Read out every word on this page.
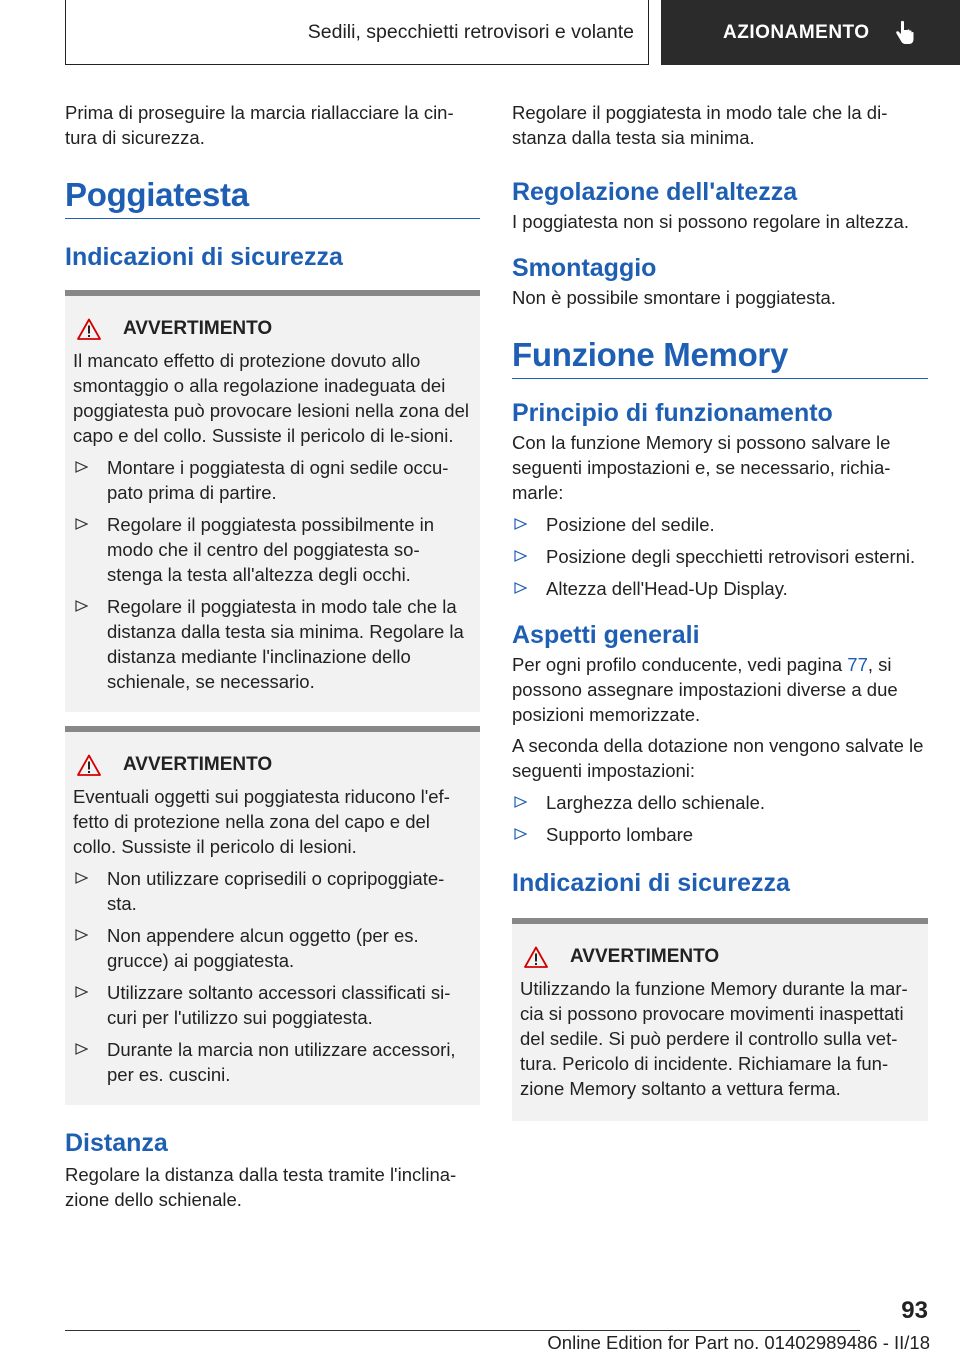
Sedili, specchietti retrovisori e volante	AZIONAMENTO
Prima di proseguire la marcia riallacciare la cin-tura di sicurezza.
Poggiatesta
Indicazioni di sicurezza
AVVERTIMENTO
Il mancato effetto di protezione dovuto allo smontaggio o alla regolazione inadeguata dei poggiatesta può provocare lesioni nella zona del capo e del collo. Sussiste il pericolo di le-sioni.
Montare i poggiatesta di ogni sedile occu-pato prima di partire.
Regolare il poggiatesta possibilmente in modo che il centro del poggiatesta so-stenga la testa all'altezza degli occhi.
Regolare il poggiatesta in modo tale che la distanza dalla testa sia minima. Regolare la distanza mediante l'inclinazione dello schienale, se necessario.
AVVERTIMENTO
Eventuali oggetti sui poggiatesta riducono l'ef-fetto di protezione nella zona del capo e del collo. Sussiste il pericolo di lesioni.
Non utilizzare coprisedili o copripoggiate-sta.
Non appendere alcun oggetto (per es. grucce) ai poggiatesta.
Utilizzare soltanto accessori classificati si-curi per l'utilizzo sui poggiatesta.
Durante la marcia non utilizzare accessori, per es. cuscini.
Distanza
Regolare la distanza dalla testa tramite l'inclina-zione dello schienale.
Regolare il poggiatesta in modo tale che la di-stanza dalla testa sia minima.
Regolazione dell'altezza
I poggiatesta non si possono regolare in altezza.
Smontaggio
Non è possibile smontare i poggiatesta.
Funzione Memory
Principio di funzionamento
Con la funzione Memory si possono salvare le seguenti impostazioni e, se necessario, richia-marle:
Posizione del sedile.
Posizione degli specchietti retrovisori esterni.
Altezza dell'Head-Up Display.
Aspetti generali
Per ogni profilo conducente, vedi pagina 77, si possono assegnare impostazioni diverse a due posizioni memorizzate.
A seconda della dotazione non vengono salvate le seguenti impostazioni:
Larghezza dello schienale.
Supporto lombare
Indicazioni di sicurezza
AVVERTIMENTO
Utilizzando la funzione Memory durante la mar-cia si possono provocare movimenti inaspettati del sedile. Si può perdere il controllo sulla vet-tura. Pericolo di incidente. Richiamare la fun-zione Memory soltanto a vettura ferma.
93
Online Edition for Part no. 01402989486 - II/18
